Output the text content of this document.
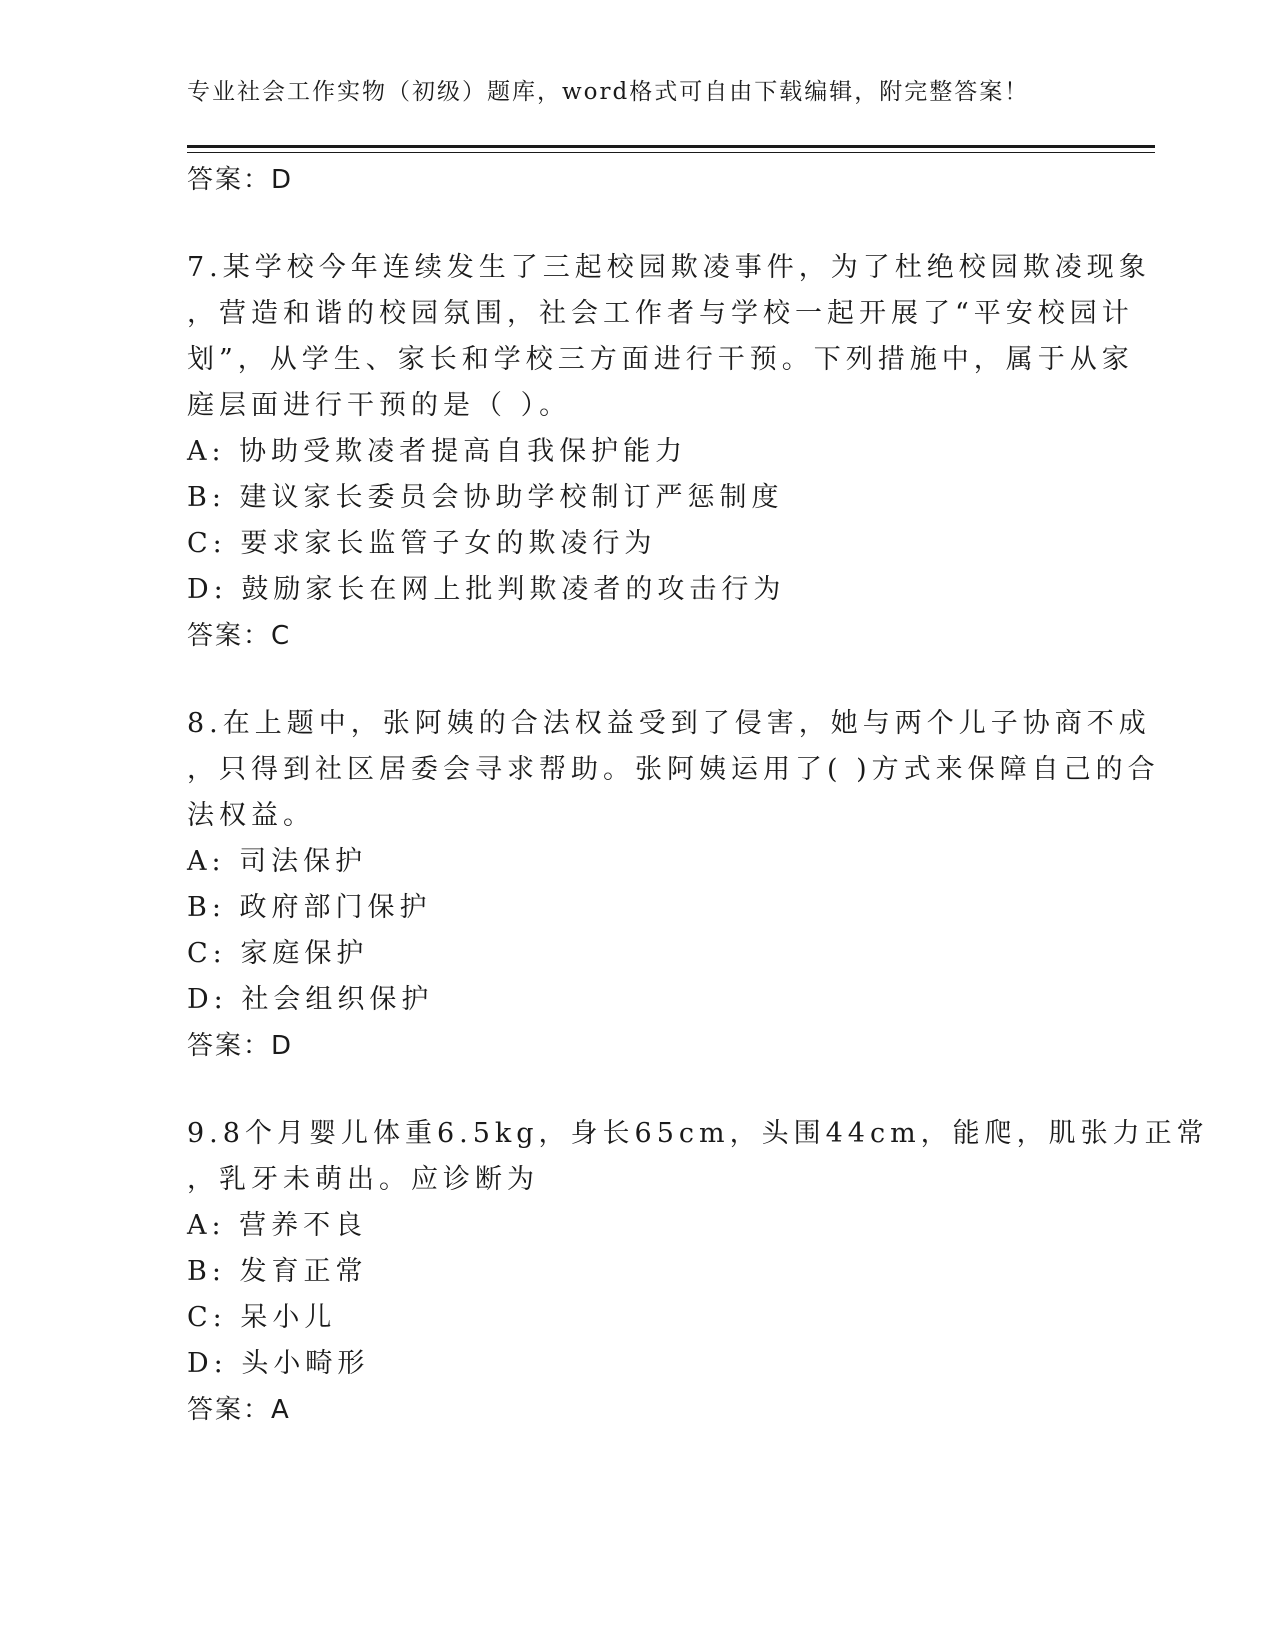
专业社会工作实物（初级）题库，word格式可自由下载编辑，附完整答案！
答案：D
7.某学校今年连续发生了三起校园欺凌事件，为了杜绝校园欺凌现象
，营造和谐的校园氛围，社会工作者与学校一起开展了“平安校园计
划”，从学生、家长和学校三方面进行干预。下列措施中，属于从家
庭层面进行干预的是（ ）。
A: 协助受欺凌者提高自我保护能力
B: 建议家长委员会协助学校制订严惩制度
C: 要求家长监管子女的欺凌行为
D: 鼓励家长在网上批判欺凌者的攻击行为
答案：C
8.在上题中，张阿姨的合法权益受到了侵害，她与两个儿子协商不成
，只得到社区居委会寻求帮助。张阿姨运用了( )方式来保障自己的合
法权益。
A: 司法保护
B: 政府部门保护
C: 家庭保护
D: 社会组织保护
答案：D
9.8个月婴儿体重6.5kg，身长65cm，头围44cm，能爬，肌张力正常
，乳牙未萌出。应诊断为
A: 营养不良
B: 发育正常
C: 呆小儿
D: 头小畸形
答案：A
